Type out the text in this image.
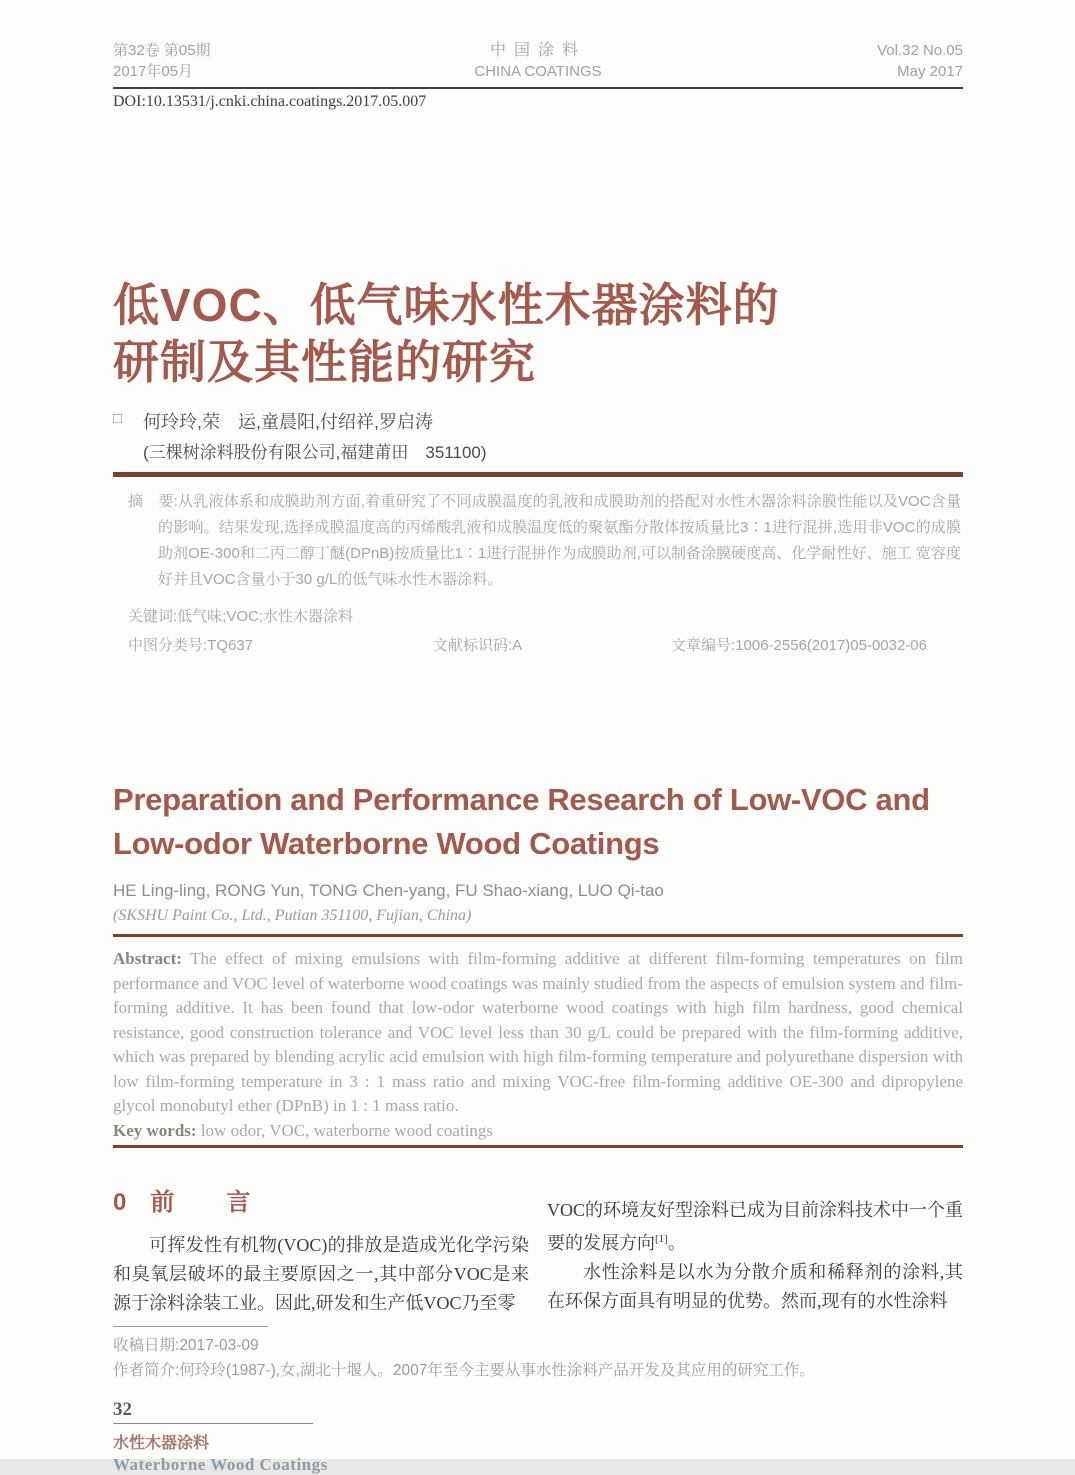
第32卷 第05期
2017年05月
中国涂料
CHINA COATINGS
Vol.32 No.05
May 2017
DOI:10.13531/j.cnki.china.coatings.2017.05.007
低VOC、低气味水性木器涂料的
研制及其性能的研究
□	何玲玲,荣　运,童晨阳,付绍祥,罗启涛
(三棵树涂料股份有限公司,福建莆田　351100)

摘　要:从乳液体系和成膜助剂方面,着重研究了不同成膜温度的乳液和成膜助剂的搭配对水性木器涂料涂膜性能以及VOC含量的影响。结果发现,选择成膜温度高的丙烯酸乳液和成膜温度低的聚氨酯分散体按质量比3∶1进行混拼,选用非VOC的成膜助剂OE-300和二丙二醇丁醚(DPnB)按质量比1∶1进行混拼作为成膜助剂,可以制备涂膜硬度高、化学耐性好、施工 宽容度好并且VOC含量小于30 g/L的低气味水性木器涂料。

关键词:低气味;VOC;水性木器涂料
中图分类号:TQ637	文献标识码:A	文章编号:1006-2556(2017)05-0032-06
Preparation and Performance Research of Low-VOC and
Low-odor Waterborne Wood Coatings
HE Ling-ling, RONG Yun, TONG Chen-yang, FU Shao-xiang, LUO Qi-tao
(SKSHU Paint Co., Ltd., Putian 351100, Fujian, China)

Abstract: The effect of mixing emulsions with film-forming additive at different film-forming temperatures on film performance and VOC level of waterborne wood coatings was mainly studied from the aspects of emulsion system and film-forming additive. It has been found that low-odor waterborne wood coatings with high film hardness, good chemical resistance, good construction tolerance and VOC level less than 30 g/L could be prepared with the film-forming additive, which was prepared by blending acrylic acid emulsion with high film-forming temperature and polyurethane dispersion with low film-forming temperature in 3 : 1 mass ratio and mixing VOC-free film-forming additive OE-300 and dipropylene glycol monobutyl ether (DPnB) in 1 : 1 mass ratio.

Key words: low odor, VOC, waterborne wood coatings

0 前　言

可挥发性有机物(VOC)的排放是造成光化学污染和臭氧层破坏的最主要原因之一,其中部分VOC是来源于涂料涂装工业。因此,研发和生产低VOC乃至零

VOC的环境友好型涂料已成为目前涂料技术中一个重要的发展方向[1]。

水性涂料是以水为分散介质和稀释剂的涂料,其在环保方面具有明显的优势。然而,现有的水性涂料

收稿日期:2017-03-09
作者简介:何玲玲(1987-),女,湖北十堰人。2007年至今主要从事水性涂料产品开发及其应用的研究工作。
32
水性木器涂料
Waterborne Wood Coatings
